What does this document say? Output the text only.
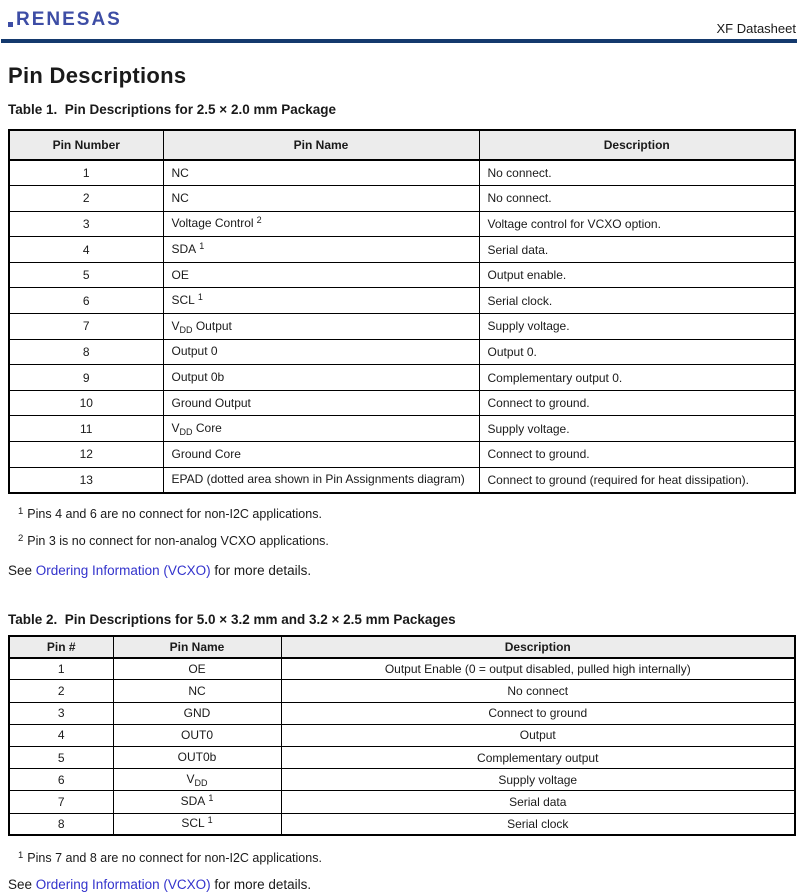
RENESAS	XF Datasheet
Pin Descriptions
Table 1.  Pin Descriptions for 2.5 × 2.0 mm Package
Pin Number	Pin Name	Description
1	NC	No connect.
2	NC	No connect.
3	Voltage Control $^2$	Voltage control for VCXO option.
4	SDA $^1$	Serial data.
5	OE	Output enable.
6	SCL $^1$	Serial clock.
7	$V_{DD}$ Output	Supply voltage.
8	Output 0	Output 0.
9	Output 0b	Complementary output 0.
10	Ground Output	Connect to ground.
11	$V_{DD}$ Core	Supply voltage.
12	Ground Core	Connect to ground.
13	EPAD (dotted area shown in Pin Assignments diagram)	Connect to ground (required for heat dissipation).

$^1$ Pins 4 and 6 are no connect for non-I2C applications.

$^2$ Pin 3 is no connect for non-analog VCXO applications.

See Ordering Information (VCXO) for more details.

Table 2.  Pin Descriptions for 5.0 × 3.2 mm and 3.2 × 2.5 mm Packages
Pin #	Pin Name	Description
1	OE	Output Enable (0 = output disabled, pulled high internally)
2	NC	No connect
3	GND	Connect to ground
4	OUT0	Output
5	OUT0b	Complementary output
6	$V_{DD}$	Supply voltage
7	SDA $^1$	Serial data
8	SCL $^1$	Serial clock

$^1$ Pins 7 and 8 are no connect for non-I2C applications.

See Ordering Information (VCXO) for more details.
